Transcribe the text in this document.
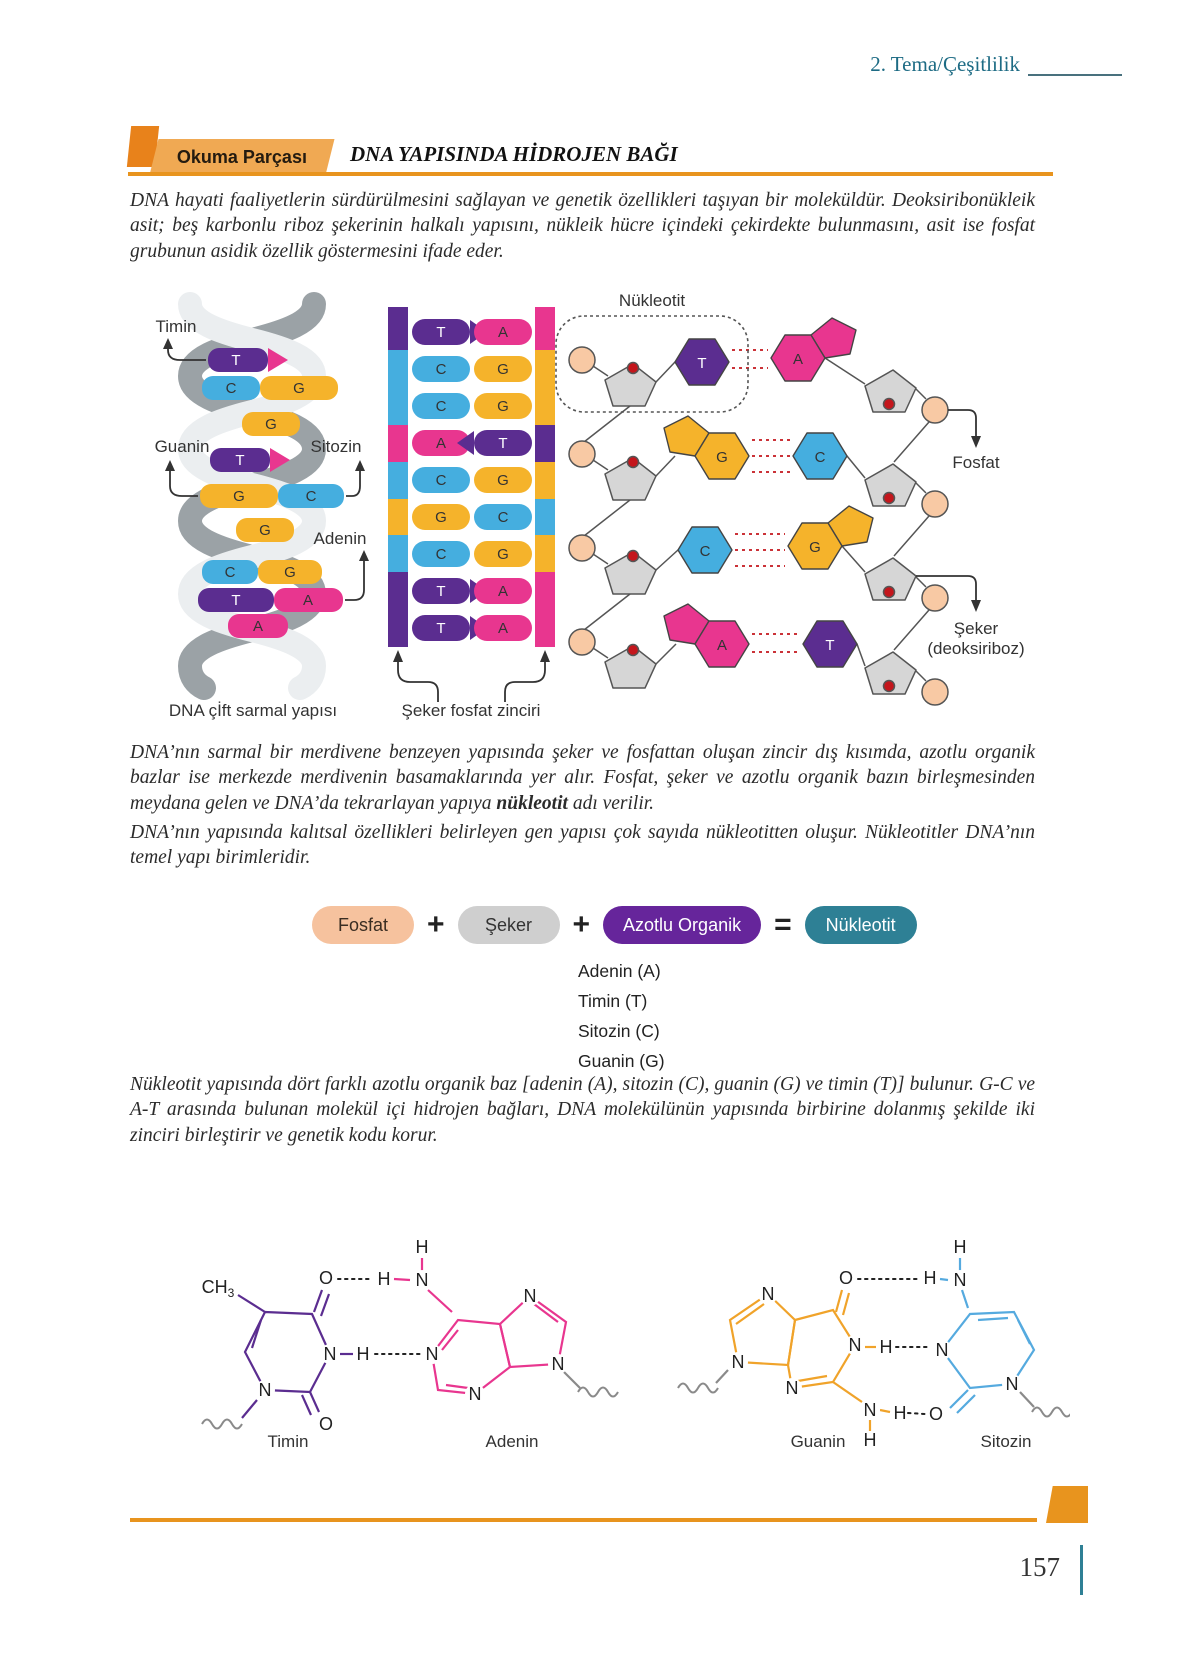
2. Tema/Çeşitlilik
Okuma Parçası DNA YAPISINDA HİDROJEN BAĞI

DNA hayati faaliyetlerin sürdürülmesini sağlayan ve genetik özellikleri taşıyan bir moleküldür. Deoksiribonükleik asit; beş karbonlu riboz şekerinin halkalı yapısını, nükleik hücre içindeki çekirdekte bulunmasını, asit ise fosfat grubunun asidik özellik göstermesini ifade eder.

T
C	G
G
T
G	C
G
C	G
T	A
A
Timin
Guanin	Sitozin
Adenin
DNA çİft sarmal yapısı
T	A
C	G
C	G
A	T
C	G
G	C
C	G
T	A
T	A
Şeker fosfat zinciri
T	A
G	C
C	G
A	T
Nükleotit
Fosfat
Şeker
(deoksiriboz)

DNA’nın sarmal bir merdivene benzeyen yapısında şeker ve fosfattan oluşan zincir dış kısımda, azotlu organik bazlar ise merkezde merdivenin basamaklarında yer alır. Fosfat, şeker ve azotlu organik bazın birleşmesinden meydana gelen ve DNA’da tekrarlayan yapıya nükleotit adı verilir.

DNA’nın yapısında kalıtsal özellikleri belirleyen gen yapısı çok sayıda nükleotitten oluşur. Nükleotitler DNA’nın temel yapı birimleridir.

Fosfat	+	Şeker	+	Azotlu Organik Baz
=	Nükleotit
Adenin (A)
Timin (T)
Sitozin (C)
Guanin (G)

Nükleotit yapısında dört farklı azotlu organik baz [adenin (A), sitozin (C), guanin (G) ve timin (T)] bulunur. G-C ve A-T arasında bulunan molekül içi hidrojen bağları, DNA molekülünün yapısında birbirine dolanmış şekilde iki zinciri birleştirir ve genetik kodu korur.

$CH_3$
O
N H
O
N
H N
H
N
N
N
N
N
N
N
O
N H
N H
H
H N
H
N
N
O
Timin	Adenin	Guanin	Sitozin
157
